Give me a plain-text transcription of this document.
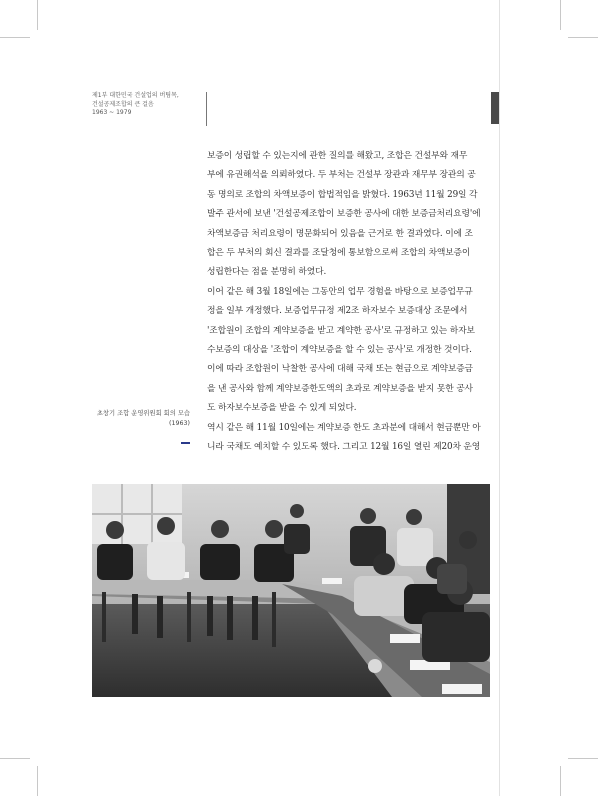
제1부 대한민국 건설업의 버팀목,
건설공제조합의 큰 걸음
1963 ~ 1979

보증이 성립할 수 있는지에 관한 질의를 해왔고, 조합은 건설부와 재무

부에 유권해석을 의뢰하였다. 두 부처는 건설부 장관과 재무부 장관의 공

동 명의로 조합의 차액보증이 합법적임을 밝혔다. 1963년 11월 29일 각

발주 관서에 보낸 '건설공제조합이 보증한 공사에 대한 보증금처리요령'에

차액보증금 처리요령이 명문화되어 있음을 근거로 한 결과였다. 이에 조

합은 두 부처의 회신 결과를 조달청에 통보함으로써 조합의 차액보증이

성립한다는 점을 분명히 하였다.

이어 같은 해 3월 18일에는 그동안의 업무 경험을 바탕으로 보증업무규

정을 일부 개정했다. 보증업무규정 제2조 하자보수 보증대상 조문에서

'조합원이 조합의 계약보증을 받고 계약한 공사'로 규정하고 있는 하자보

수보증의 대상을 '조합이 계약보증을 할 수 있는 공사'로 개정한 것이다.

이에 따라 조합원이 낙찰한 공사에 대해 국채 또는 현금으로 계약보증금

을 낸 공사와 함께 계약보증한도액의 초과로 계약보증을 받지 못한 공사

도 하자보수보증을 받을 수 있게 되었다.

역시 같은 해 11월 10일에는 계약보증 한도 초과분에 대해서 현금뿐만 아

니라 국채도 예치할 수 있도록 했다. 그리고 12월 16일 열린 제20차 운영

초창기 조합 운영위원회 회의 모습
(1963)
